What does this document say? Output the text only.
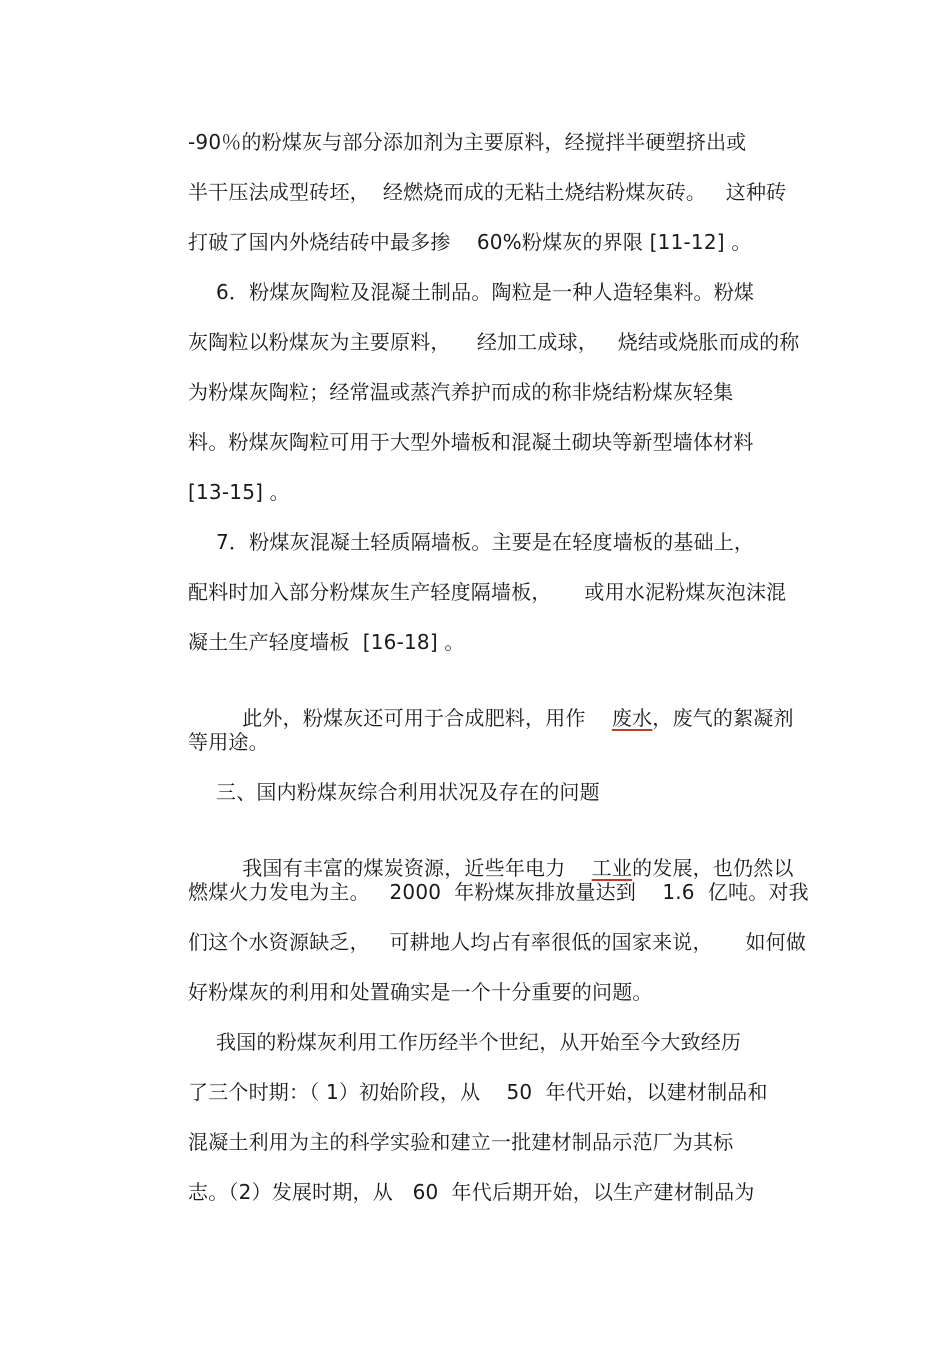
-90％的粉煤灰与部分添加剂为主要原料，经搅拌半硬塑挤出或
半干压法成型砖坯，  经燃烧而成的无粘土烧结粉煤灰砖。   这种砖
打破了国内外烧结砖中最多掺    60%粉煤灰的界限 [11-12] 。
6．粉煤灰陶粒及混凝土制品。陶粒是一种人造轻集料。粉煤
灰陶粒以粉煤灰为主要原料，    经加工成球，   烧结或烧胀而成的称
为粉煤灰陶粒；经常温或蒸汽养护而成的称非烧结粉煤灰轻集
料。粉煤灰陶粒可用于大型外墙板和混凝土砌块等新型墙体材料
[13-15] 。
7．粉煤灰混凝土轻质隔墙板。主要是在轻度墙板的基础上，
配料时加入部分粉煤灰生产轻度隔墙板，     或用水泥粉煤灰泡沫混
凝土生产轻度墙板  [16-18] 。

此外，粉煤灰还可用于合成肥料，用作    废水，废气的絮凝剂

等用途。
三、国内粉煤灰综合利用状况及存在的问题

我国有丰富的煤炭资源，近些年电力    工业的发展，也仍然以

燃煤火力发电为主。   2000  年粉煤灰排放量达到    1.6  亿吨。对我
们这个水资源缺乏，   可耕地人均占有率很低的国家来说，     如何做
好粉煤灰的利用和处置确实是一个十分重要的问题。
我国的粉煤灰利用工作历经半个世纪，从开始至今大致经历
了三个时期：（ 1）初始阶段，从    50  年代开始，以建材制品和
混凝土利用为主的科学实验和建立一批建材制品示范厂为其标
志。（2）发展时期，从   60  年代后期开始，以生产建材制品为
